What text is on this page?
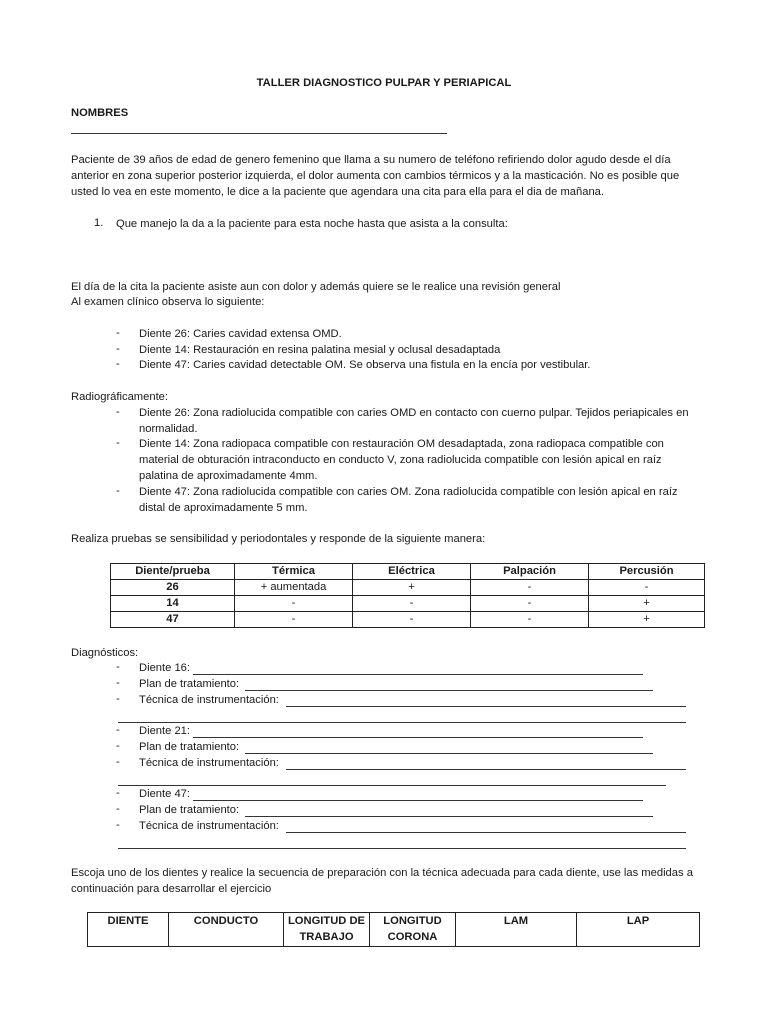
TALLER DIAGNOSTICO PULPAR Y PERIAPICAL
NOMBRES
Paciente de 39 años de edad de genero femenino que llama a su numero de teléfono refiriendo dolor agudo desde el día anterior en zona superior posterior izquierda, el dolor aumenta con cambios térmicos y a la masticación. No es posible que usted lo vea en este momento, le dice a la paciente que agendara una cita para ella para el dia de mañana.
1. Que manejo la da a la paciente para esta noche hasta que asista a la consulta:
El día de la cita la paciente asiste aun con dolor y además quiere se le realice una revisión general
Al examen clínico observa lo siguiente:
- Diente 26: Caries cavidad extensa OMD.
- Diente 14: Restauración en resina palatina mesial y oclusal desadaptada
- Diente 47: Caries cavidad detectable OM. Se observa una fistula en la encía por vestibular.
Radiográficamente:
- Diente 26: Zona radiolucida compatible con caries OMD en contacto con cuerno pulpar. Tejidos periapicales en normalidad.
- Diente 14: Zona radiopaca compatible con restauración OM desadaptada, zona radiopaca compatible con material de obturación intraconducto en conducto V, zona radiolucida compatible con lesión apical en raíz palatina de aproximadamente 4mm.
- Diente 47: Zona radiolucida compatible con caries OM. Zona radiolucida compatible con lesión apical en raíz distal de aproximadamente 5 mm.
Realiza pruebas se sensibilidad y periodontales y responde de la siguiente manera:
Diente/prueba	Térmica	Eléctrica	Palpación	Percusión
26	+ aumentada	+	-	-
14	-	-	-	+
47	-	-	-	+
Diagnósticos:
- Diente 16:
- Plan de tratamiento:
- Técnica de instrumentación:
- Diente 21:
- Plan de tratamiento:
- Técnica de instrumentación:
- Diente 47:
- Plan de tratamiento:
- Técnica de instrumentación:
Escoja uno de los dientes y realice la secuencia de preparación con la técnica adecuada para cada diente, use las medidas a continuación para desarrollar el ejercicio
DIENTE	CONDUCTO	LONGITUD DE TRABAJO	LONGITUD CORONA	LAM	LAP
